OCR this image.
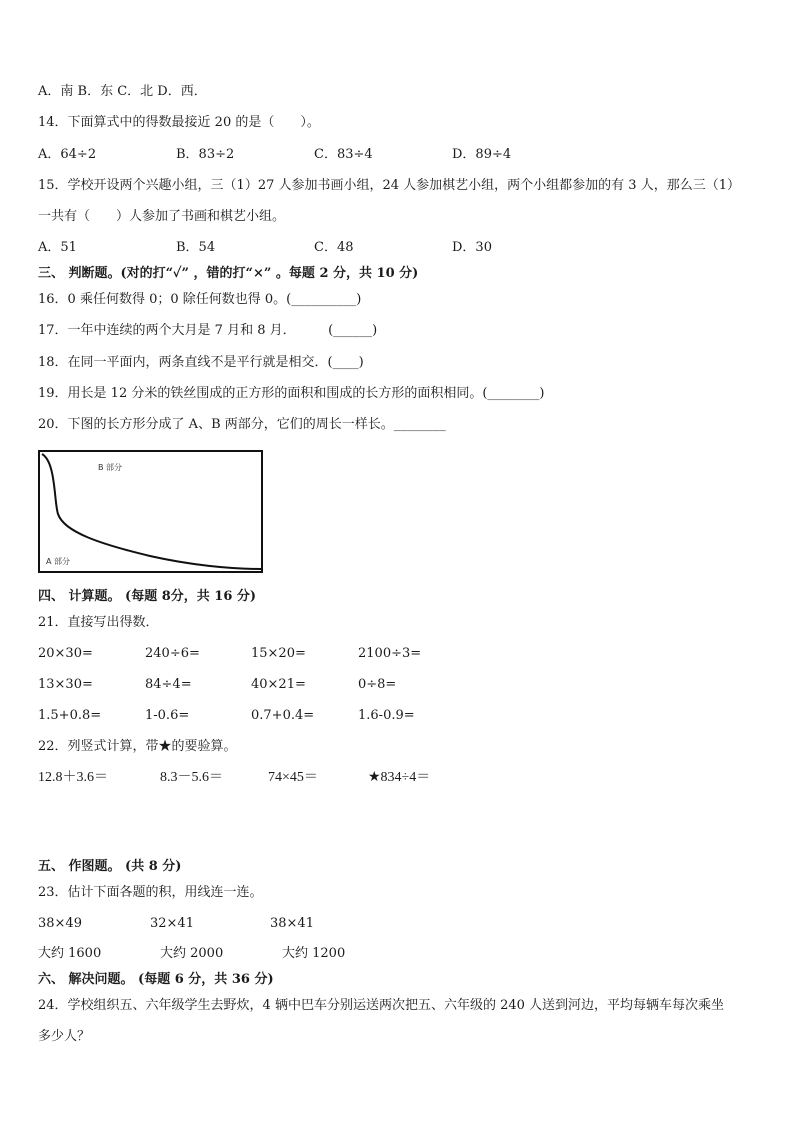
A．南 B．东 C．北 D．西．
14．下面算式中的得数最接近 20 的是（　　）。
A．64÷2	B．83÷2	C．83÷4	D．89÷4
15．学校开设两个兴趣小组，三（1）27 人参加书画小组，24 人参加棋艺小组，两个小组都参加的有 3 人，那么三（1）
一共有（　　）人参加了书画和棋艺小组。
A．51	B．54	C．48	D．30
三、 判断题。(对的打“✓” ，错的打“×” 。每题 2 分，共 10 分)
16．0 乘任何数得 0；0 除任何数也得 0。(__________)
17．一年中连续的两个大月是 7 月和 8 月．　　　(______)
18．在同一平面内，两条直线不是平行就是相交．(____)
19．用长是 12 分米的铁丝围成的正方形的面积和围成的长方形的面积相同。(________)
20．下图的长方形分成了 A、B 两部分，它们的周长一样长。________
B 部分
A 部分
四、 计算题。 (每题 8分，共 16 分)
21．直接写出得数．
20×30=	240÷6=	15×20=	2100÷3=
13×30=	84÷4=	40×21=	0÷8=
1.5+0.8=	1-0.6=	0.7+0.4=	1.6-0.9=
22．列竖式计算，带★的要验算。
12.8＋3.6＝	8.3－5.6＝	74×45＝	★834÷4＝
五、 作图题。 (共 8 分)
23．估计下面各题的积，用线连一连。
38×49	32×41	38×41
大约 1600	大约 2000	大约 1200
六、 解决问题。 (每题 6 分，共 36 分)
24．学校组织五、六年级学生去野炊，4 辆中巴车分别运送两次把五、六年级的 240 人送到河边，平均每辆车每次乘坐
多少人？
